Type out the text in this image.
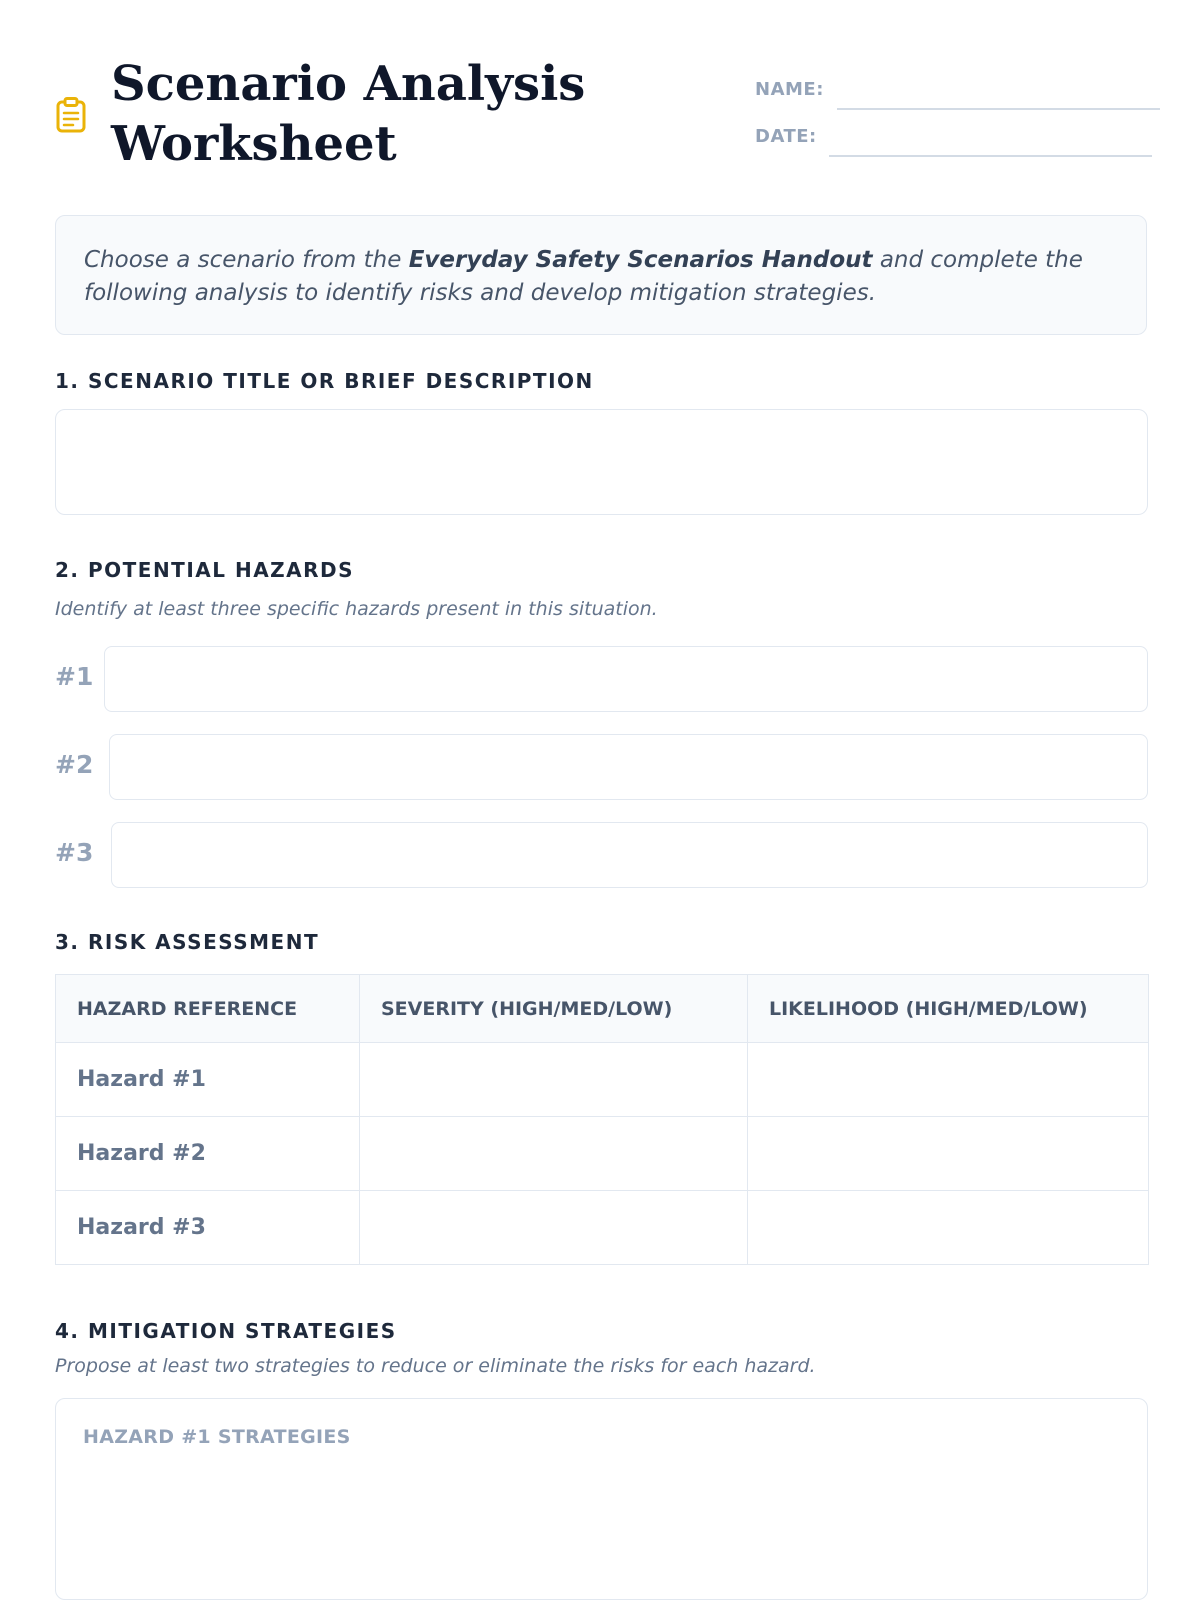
Scenario Analysis Worksheet
NAME:
DATE:

Choose a scenario from the Everyday Safety Scenarios Handout and complete the following analysis to identify risks and develop mitigation strategies.

1. SCENARIO TITLE OR BRIEF DESCRIPTION
2. POTENTIAL HAZARDS

Identify at least three specific hazards present in this situation.

#1
#2
#3
3. RISK ASSESSMENT
HAZARD REFERENCE	SEVERITY (HIGH/MED/LOW)	LIKELIHOOD (HIGH/MED/LOW)
Hazard #1		
Hazard #2		
Hazard #3		
4. MITIGATION STRATEGIES

Propose at least two strategies to reduce or eliminate the risks for each hazard.

HAZARD #1 STRATEGIES
